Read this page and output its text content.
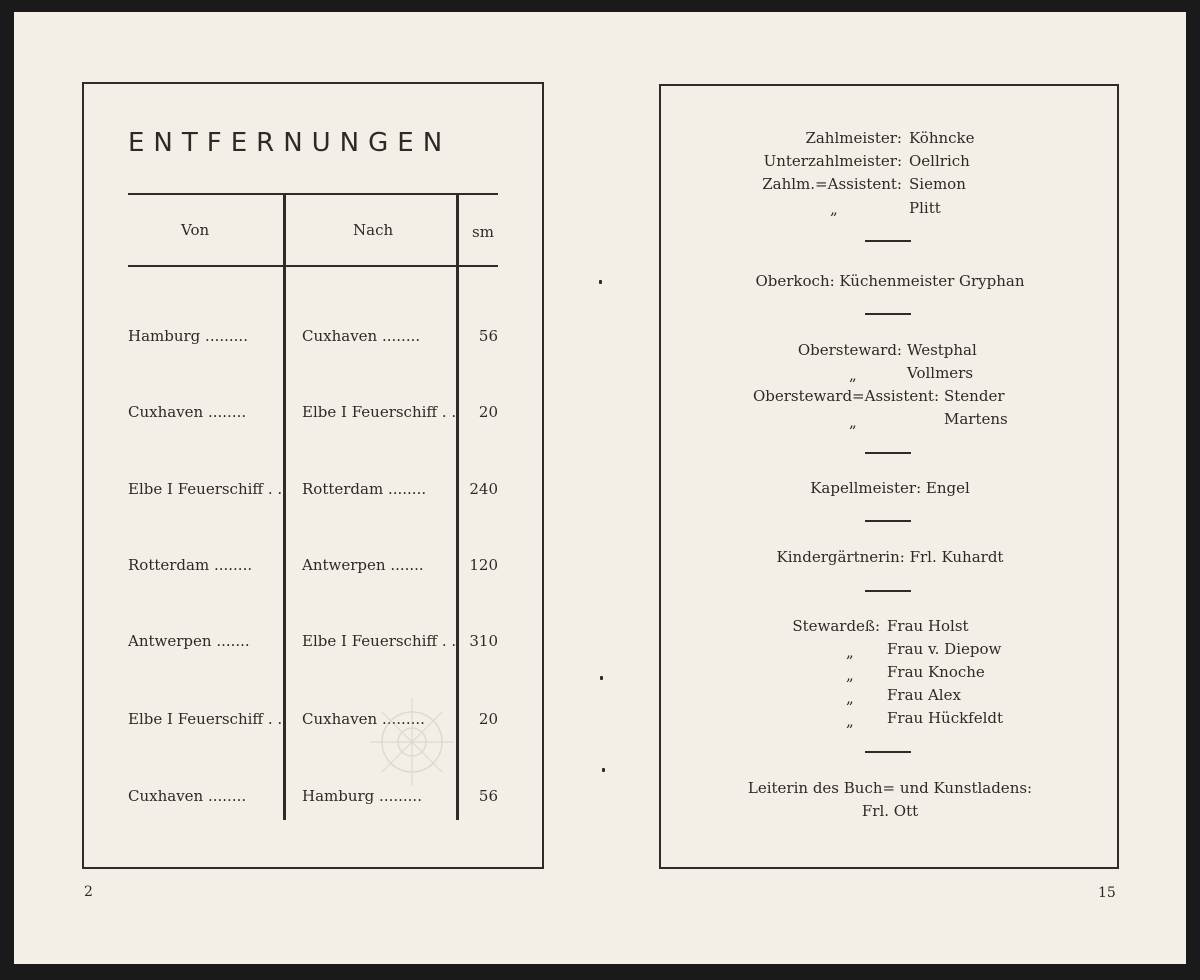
ENTFERNUNGEN
Von	Nach	sm
Hamburg .........	Cuxhaven ........	56
Cuxhaven ........	Elbe I Feuerschiff . .	20
Elbe I Feuerschiff . . Rotterdam ........	240
Rotterdam ........	Antwerpen .......	120
Antwerpen .......	Elbe I Feuerschiff . . 310
Elbe I Feuerschiff . . Cuxhaven .........	20
Cuxhaven ........	Hamburg .........	56
2
Zahlmeister: Köhncke
Unterzahlmeister: Oellrich
Zahlm.=Assistent: Siemon
„	Plitt
Oberkoch: Küchenmeister Gryphan
Obersteward: Westphal
„	Vollmers
Obersteward=Assistent: Stender
„	Martens
Kapellmeister: Engel
Kindergärtnerin: Frl. Kuhardt
Stewardeß: Frau Holst
„ Frau v. Diepow
„ Frau Knoche
„ Frau Alex
„ Frau Hückfeldt
Leiterin des Buch= und Kunstladens:
Frl. Ott
15
